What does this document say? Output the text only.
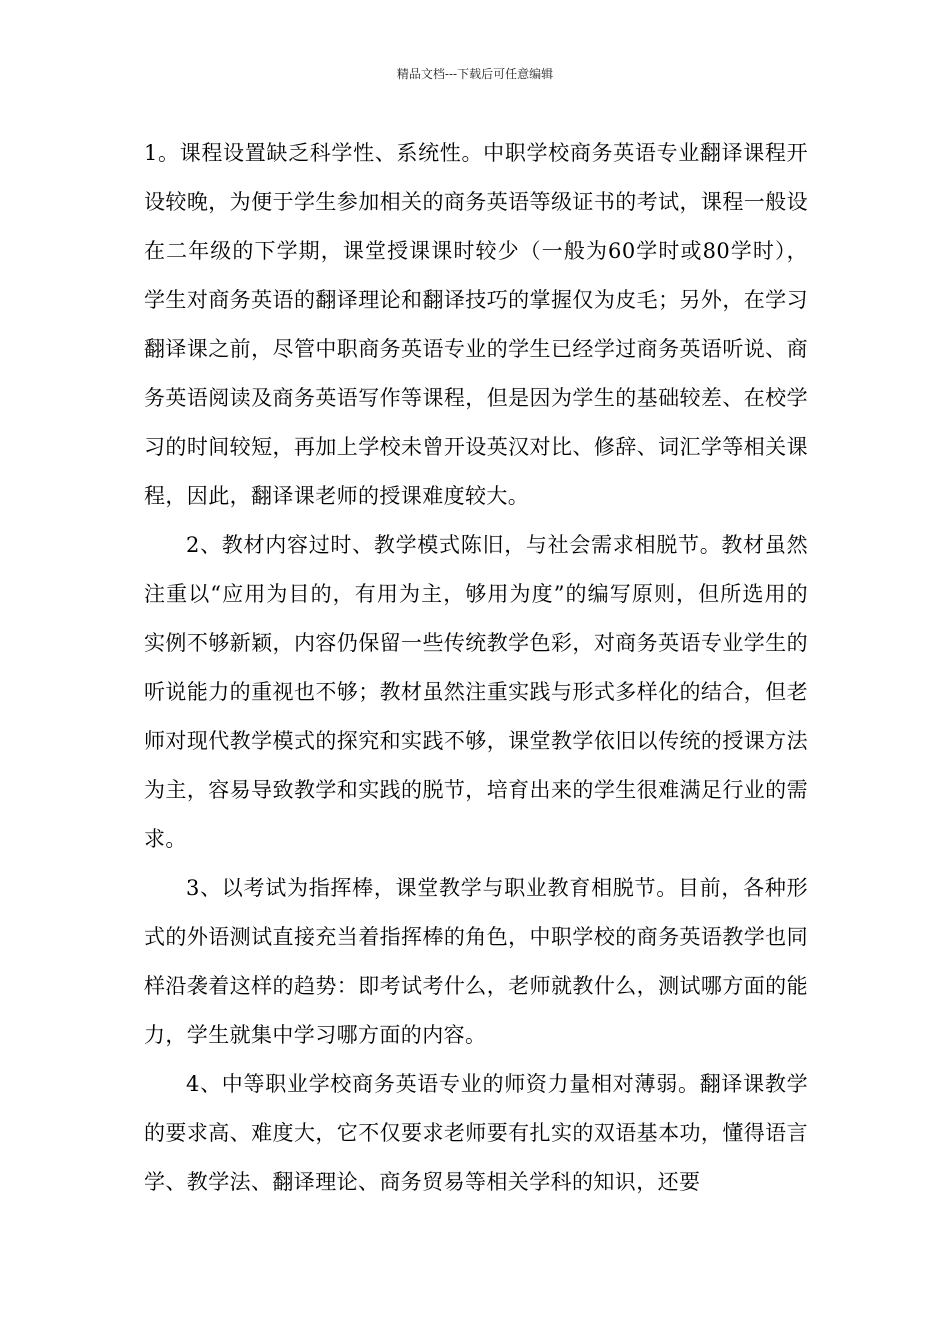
精品文档---下载后可任意编辑

1。课程设置缺乏科学性、系统性。中职学校商务英语专业翻译课程开设较晚，为便于学生参加相关的商务英语等级证书的考试，课程一般设在二年级的下学期，课堂授课课时较少（一般为60学时或80学时），学生对商务英语的翻译理论和翻译技巧的掌握仅为皮毛；另外，在学习翻译课之前，尽管中职商务英语专业的学生已经学过商务英语听说、商务英语阅读及商务英语写作等课程，但是因为学生的基础较差、在校学习的时间较短，再加上学校未曾开设英汉对比、修辞、词汇学等相关课程，因此，翻译课老师的授课难度较大。

2、教材内容过时、教学模式陈旧，与社会需求相脱节。教材虽然注重以“应用为目的，有用为主，够用为度”的编写原则，但所选用的实例不够新颖，内容仍保留一些传统教学色彩，对商务英语专业学生的听说能力的重视也不够；教材虽然注重实践与形式多样化的结合，但老师对现代教学模式的探究和实践不够，课堂教学依旧以传统的授课方法为主，容易导致教学和实践的脱节，培育出来的学生很难满足行业的需求。

3、以考试为指挥棒，课堂教学与职业教育相脱节。目前，各种形式的外语测试直接充当着指挥棒的角色，中职学校的商务英语教学也同样沿袭着这样的趋势：即考试考什么，老师就教什么，测试哪方面的能力，学生就集中学习哪方面的内容。

4、中等职业学校商务英语专业的师资力量相对薄弱。翻译课教学的要求高、难度大，它不仅要求老师要有扎实的双语基本功，懂得语言学、教学法、翻译理论、商务贸易等相关学科的知识，还要
